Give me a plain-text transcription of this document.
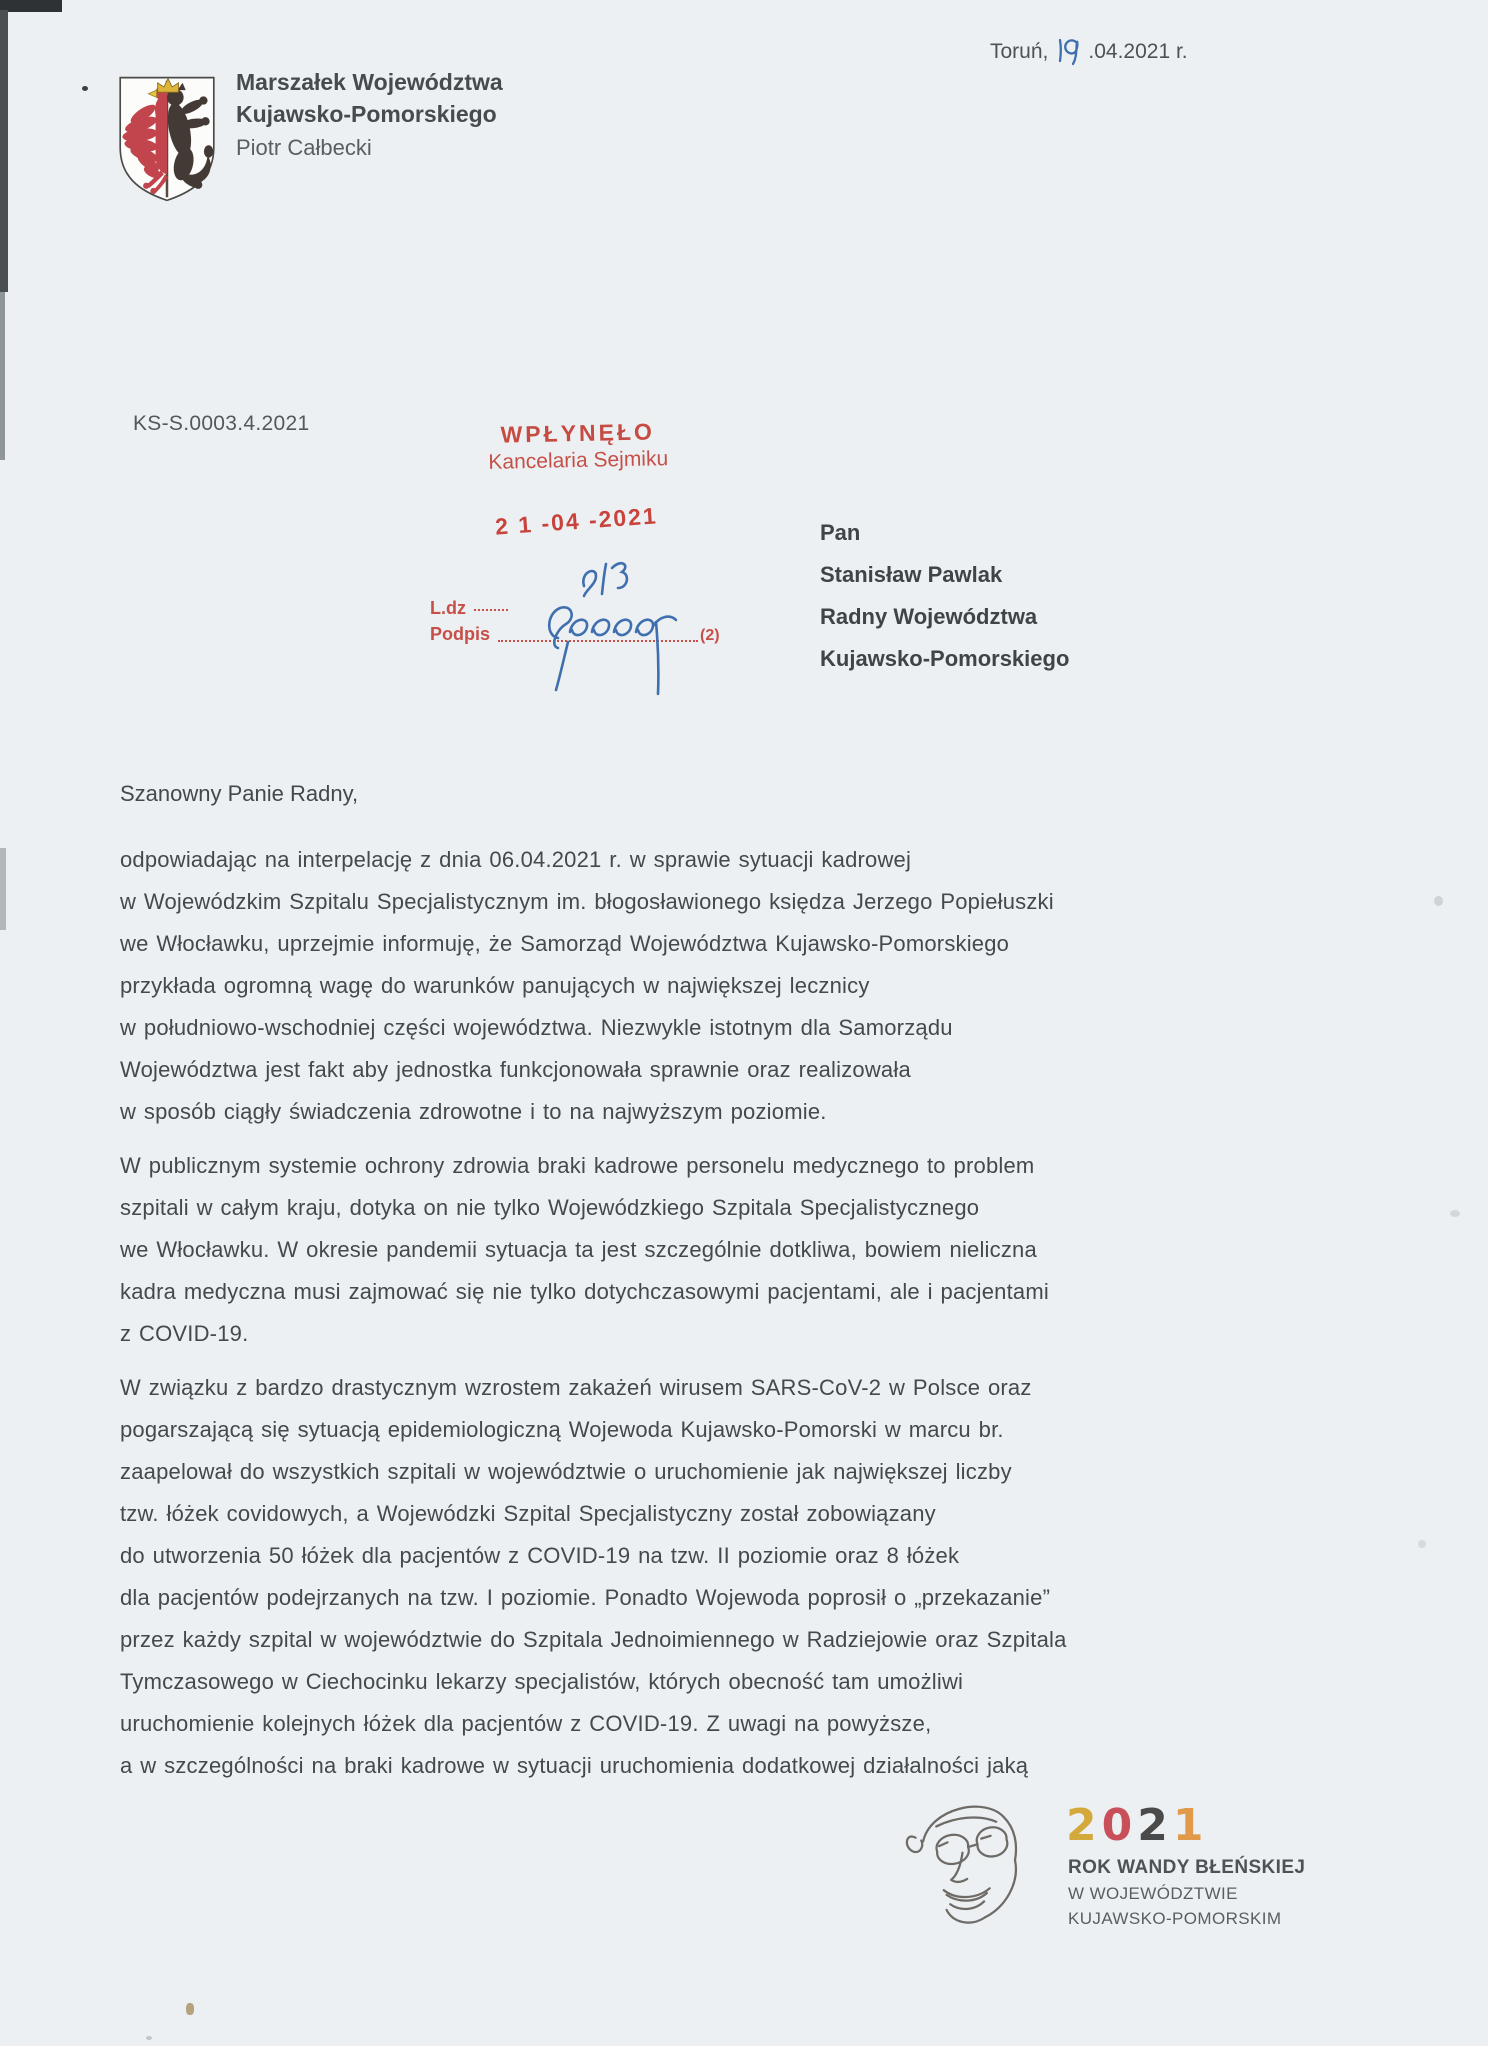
Marszałek Województwa
Kujawsko-Pomorskiego
Piotr Całbecki
Toruń, .04.2021 r.
KS-S.0003.4.2021	WPŁYNĘŁO
Kancelaria Sejmiku
2 1 -04 -2021
L.dz
Podpis	(2)
Pan
Stanisław Pawlak
Radny Województwa
Kujawsko-Pomorskiego
Szanowny Panie Radny,
odpowiadając na interpelację z dnia 06.04.2021 r. w sprawie sytuacji kadrowej
w Wojewódzkim Szpitalu Specjalistycznym im. błogosławionego księdza Jerzego Popiełuszki
we Włocławku, uprzejmie informuję, że Samorząd Województwa Kujawsko-Pomorskiego
przykłada ogromną wagę do warunków panujących w największej lecznicy
w południowo-wschodniej części województwa. Niezwykle istotnym dla Samorządu
Województwa jest fakt aby jednostka funkcjonowała sprawnie oraz realizowała
w sposób ciągły świadczenia zdrowotne i to na najwyższym poziomie.
W publicznym systemie ochrony zdrowia braki kadrowe personelu medycznego to problem
szpitali w całym kraju, dotyka on nie tylko Wojewódzkiego Szpitala Specjalistycznego
we Włocławku. W okresie pandemii sytuacja ta jest szczególnie dotkliwa, bowiem nieliczna
kadra medyczna musi zajmować się nie tylko dotychczasowymi pacjentami, ale i pacjentami
z COVID-19.
W związku z bardzo drastycznym wzrostem zakażeń wirusem SARS-CoV-2 w Polsce oraz
pogarszającą się sytuacją epidemiologiczną Wojewoda Kujawsko-Pomorski w marcu br.
zaapelował do wszystkich szpitali w województwie o uruchomienie jak największej liczby
tzw. łóżek covidowych, a Wojewódzki Szpital Specjalistyczny został zobowiązany
do utworzenia 50 łóżek dla pacjentów z COVID-19 na tzw. II poziomie oraz 8 łóżek
dla pacjentów podejrzanych na tzw. I poziomie. Ponadto Wojewoda poprosił o „przekazanie”
przez każdy szpital w województwie do Szpitala Jednoimiennego w Radziejowie oraz Szpitala
Tymczasowego w Ciechocinku lekarzy specjalistów, których obecność tam umożliwi
uruchomienie kolejnych łóżek dla pacjentów z COVID-19. Z uwagi na powyższe,
a w szczególności na braki kadrowe w sytuacji uruchomienia dodatkowej działalności jaką
2021
ROK WANDY BŁEŃSKIEJ
W WOJEWÓDZTWIE
KUJAWSKO-POMORSKIM
